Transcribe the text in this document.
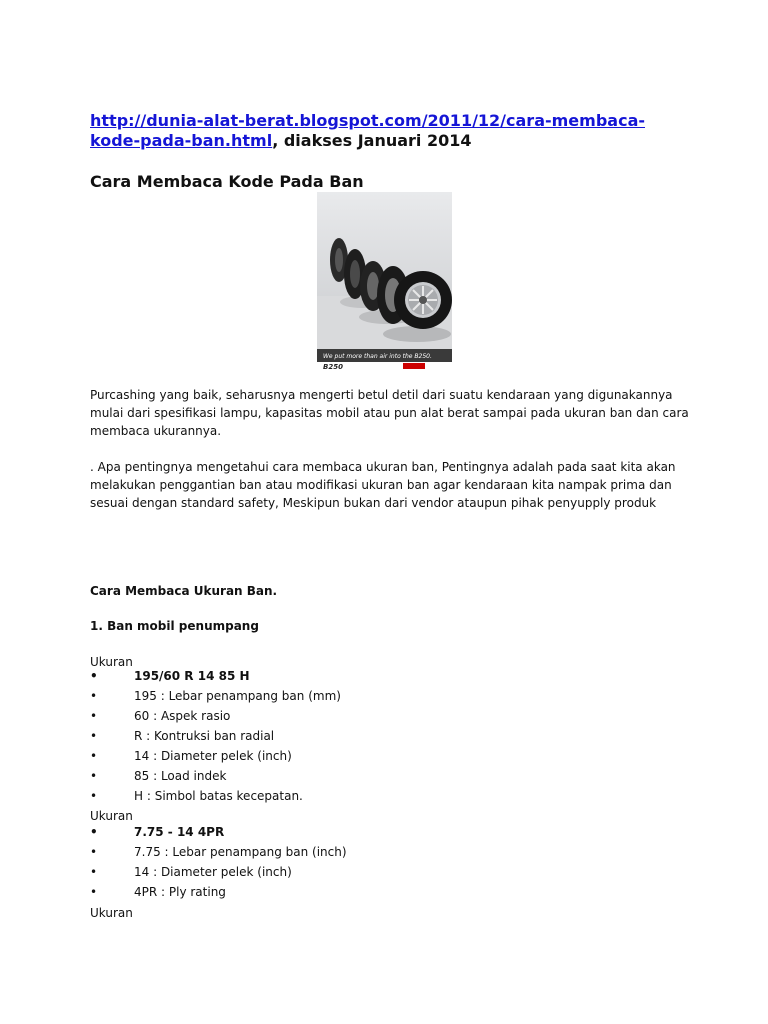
http://dunia-alat-berat.blogspot.com/2011/12/cara-membaca-kode-pada-ban.html, diakses Januari 2014
Cara Membaca Kode Pada Ban
We put more than air into the B250.
B250
Purcashing yang baik, seharusnya mengerti betul detil dari suatu kendaraan yang digunakannya mulai dari spesifikasi lampu, kapasitas mobil atau pun alat berat sampai pada ukuran ban dan cara membaca ukurannya.
. Apa pentingnya mengetahui cara membaca ukuran ban, Pentingnya adalah pada saat kita akan melakukan penggantian ban atau modifikasi ukuran ban agar kendaraan kita nampak prima dan sesuai dengan standard safety, Meskipun bukan dari vendor ataupun pihak penyupply produk
Cara Membaca Ukuran Ban.
1. Ban mobil penumpang
Ukuran
•	195/60 R 14 85 H
•	195 : Lebar penampang ban (mm)
•	60 : Aspek rasio
•	R : Kontruksi ban radial
•	14 : Diameter pelek (inch)
•	85 : Load indek
•	H : Simbol batas kecepatan.
Ukuran
•	7.75 - 14 4PR
•	7.75 : Lebar penampang ban (inch)
•	14 : Diameter pelek (inch)
•	4PR : Ply rating
Ukuran
